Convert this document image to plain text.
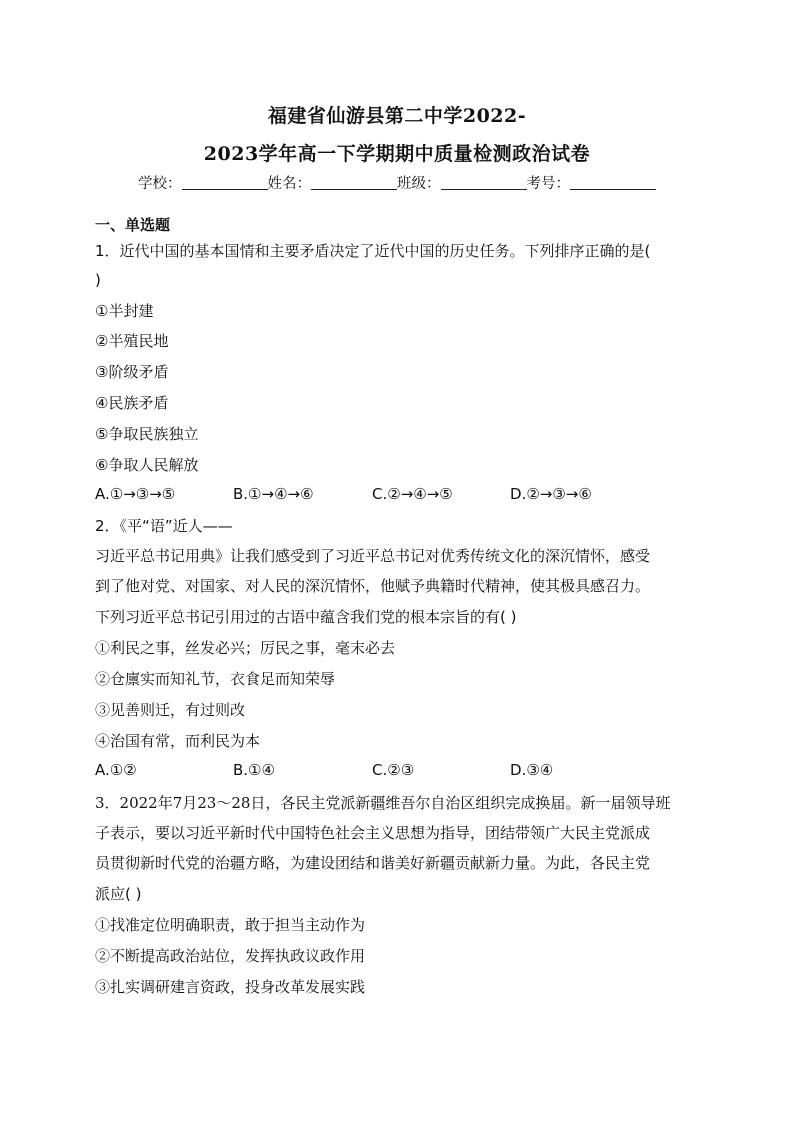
福建省仙游县第二中学2022-
2023学年高一下学期期中质量检测政治试卷
学校：	姓名：	班级：	考号：
一、单选题
1．近代中国的基本国情和主要矛盾决定了近代中国的历史任务。下列排序正确的是(
)
①半封建
②半殖民地
③阶级矛盾
④民族矛盾
⑤争取民族独立
⑥争取人民解放
A.①→③→⑤	B.①→④→⑥	C.②→④→⑤	D.②→③→⑥
2．《平“语”近人——
习近平总书记用典》让我们感受到了习近平总书记对优秀传统文化的深沉情怀，感受
到了他对党、对国家、对人民的深沉情怀，他赋予典籍时代精神，使其极具感召力。
下列习近平总书记引用过的古语中蕴含我们党的根本宗旨的有( )
①利民之事，丝发必兴；厉民之事，毫末必去
②仓廪实而知礼节，衣食足而知荣辱
③见善则迁，有过则改
④治国有常，而利民为本
A.①②	B.①④	C.②③	D.③④
3．2022年7月23～28日，各民主党派新疆维吾尔自治区组织完成换届。新一届领导班
子表示，要以习近平新时代中国特色社会主义思想为指导，团结带领广大民主党派成
员贯彻新时代党的治疆方略，为建设团结和谐美好新疆贡献新力量。为此，各民主党
派应( )
①找准定位明确职责，敢于担当主动作为
②不断提高政治站位，发挥执政议政作用
③扎实调研建言资政，投身改革发展实践
